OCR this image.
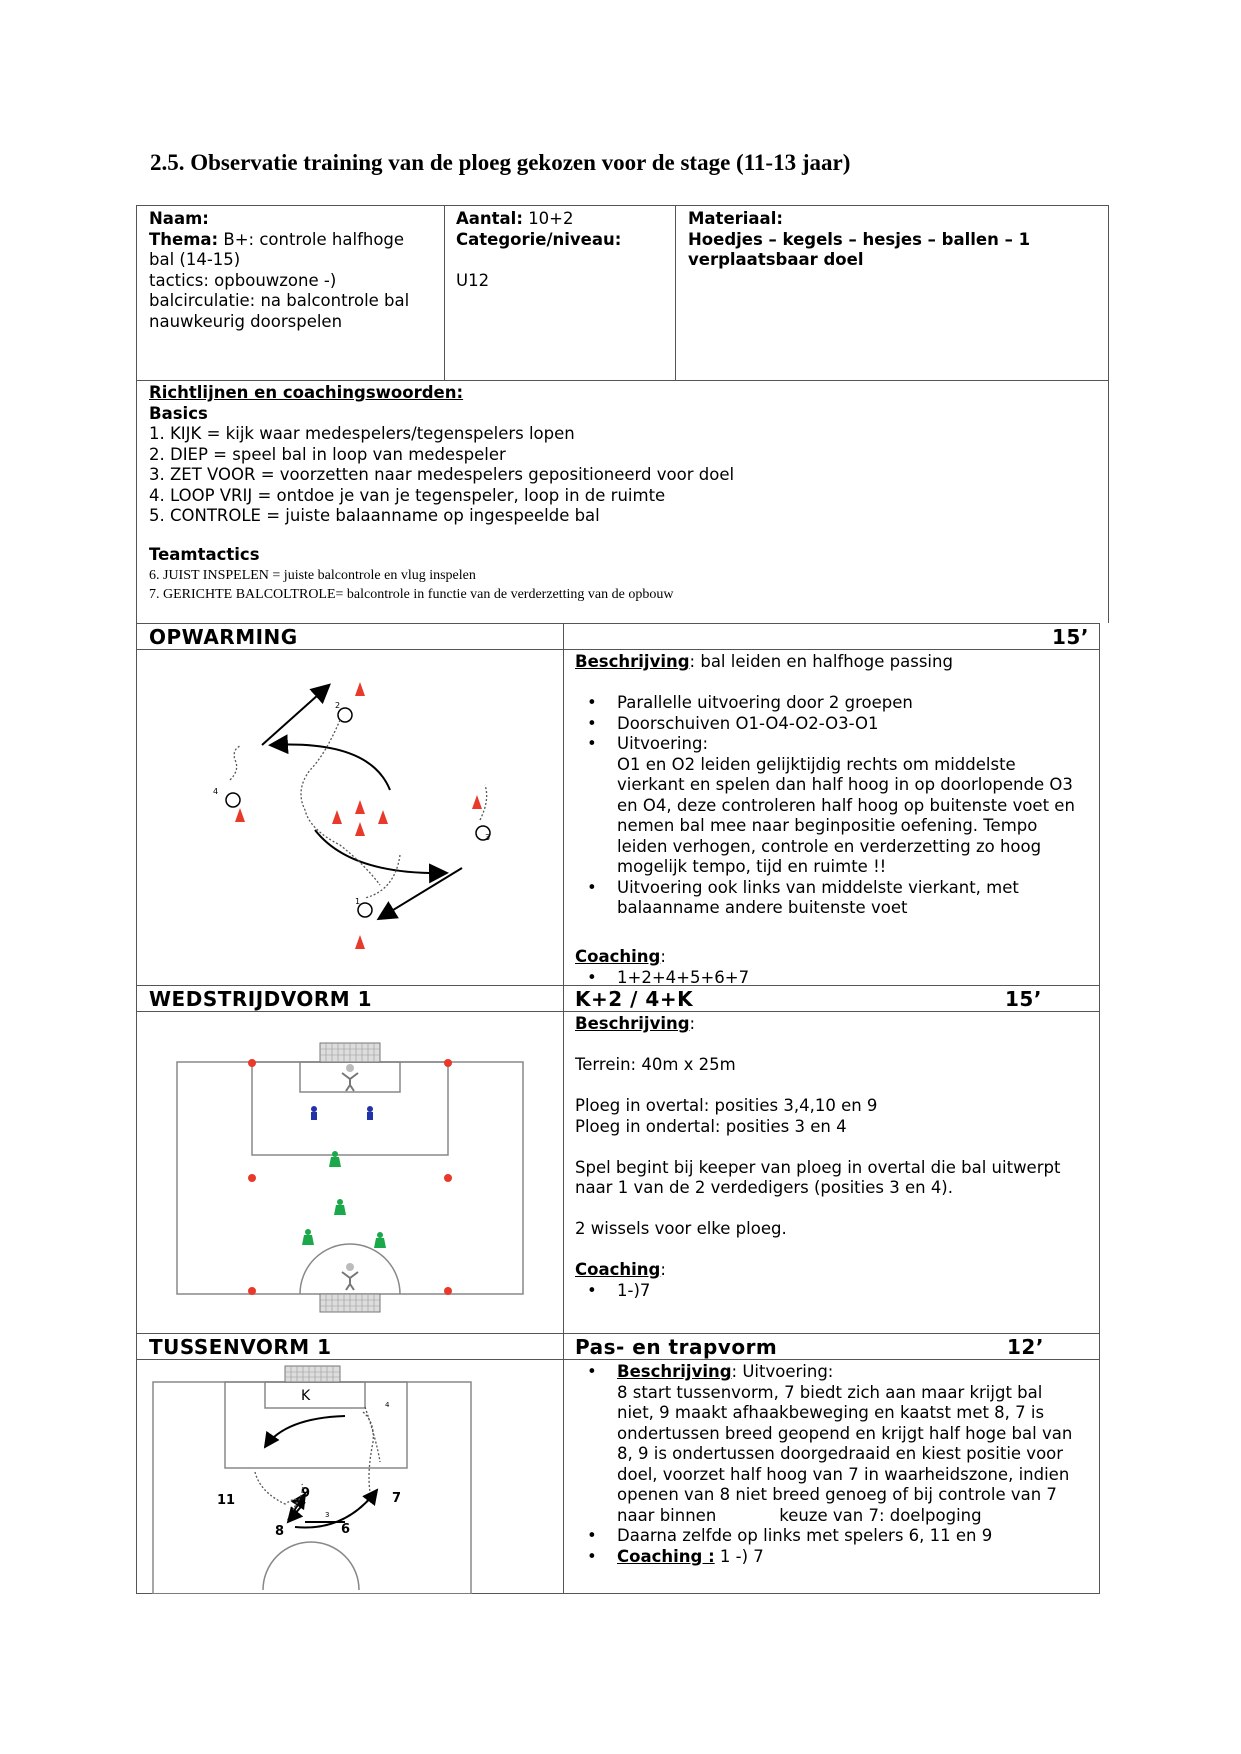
2.5. Observatie training van de ploeg gekozen voor de stage (11-13 jaar)
Naam:
Thema: B+: controle halfhoge
bal (14-15)
tactics: opbouwzone -)
balcirculatie: na balcontrole bal
nauwkeurig doorspelen
Aantal: 10+2
Categorie/niveau:

U12
Materiaal:
Hoedjes – kegels – hesjes – ballen – 1
verplaatsbaar doel
Richtlijnen en coachingswoorden:
Basics
1. KIJK = kijk waar medespelers/tegenspelers lopen
2. DIEP = speel bal in loop van medespeler
3. ZET VOOR = voorzetten naar medespelers gepositioneerd voor doel
4. LOOP VRIJ = ontdoe je van je tegenspeler, loop in de ruimte
5. CONTROLE = juiste balaanname op ingespeelde bal

Teamtactics
6. JUIST INSPELEN = juiste balcontrole en vlug inspelen
7. GERICHTE BALCOLTROLE= balcontrole in functie van de verderzetting van de opbouw
OPWARMING	15’
Beschrijving: bal leiden en halfhoge passing

• Parallelle uitvoering door 2 groepen
• Doorschuiven O1-O4-O2-O3-O1
• Uitvoering:
O1 en O2 leiden gelijktijdig rechts om middelste
vierkant en spelen dan half hoog in op doorlopende O3
en O4, deze controleren half hoog op buitenste voet en
nemen bal mee naar beginpositie oefening. Tempo
leiden verhogen, controle en verderzetting zo hoog
mogelijk tempo, tijd en ruimte !!
• Uitvoering ook links van middelste vierkant, met
balaanname andere buitenste voet

Coaching:
• 1+2+4+5+6+7
2
4
3
1
WEDSTRIJDVORM 1	K+2 / 4+K	15’
Beschrijving:

Terrein: 40m x 25m

Ploeg in overtal: posities 3,4,10 en 9
Ploeg in ondertal: posities 3 en 4

Spel begint bij keeper van ploeg in overtal die bal uitwerpt
naar 1 van de 2 verdedigers (posities 3 en 4).

2 wissels voor elke ploeg.

Coaching:
• 1-)7
TUSSENVORM 1	Pas- en trapvorm	12’
• Beschrijving: Uitvoering:
8 start tussenvorm, 7 biedt zich aan maar krijgt bal
niet, 9 maakt afhaakbeweging en kaatst met 8, 7 is
ondertussen breed geopend en krijgt half hoge bal van
8, 9 is ondertussen doorgedraaid en kiest positie voor
doel, voorzet half hoog van 7 in waarheidszone, indien
openen van 8 niet breed genoeg of bij controle van 7
naar binnen            keuze van 7: doelpoging
• Daarna zelfde op links met spelers 6, 11 en 9
• Coaching : 1 -) 7
K
11	9
8	6
7
4
1	3
